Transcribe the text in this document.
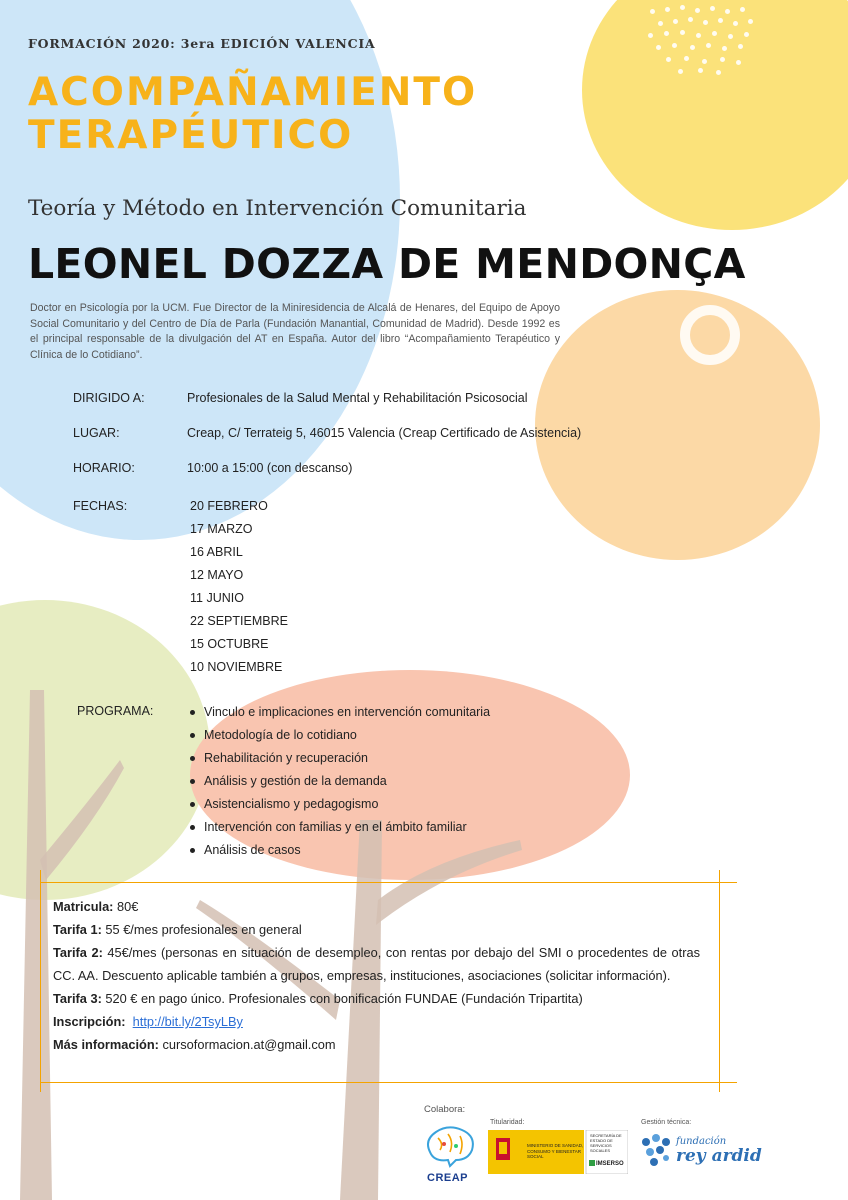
FORMACIÓN 2020: 3era EDICIÓN VALENCIA
ACOMPAÑAMIENTO
TERAPÉUTICO
Teoría y Método en Intervención Comunitaria
LEONEL DOZZA DE MENDONÇA
Doctor en Psicología por la UCM. Fue Director de la Miniresidencia de Alcalá de Henares, del Equipo de Apoyo Social Comunitario y del Centro de Día de Parla (Fundación Manantial, Comunidad de Madrid). Desde 1992 es el principal responsable de la divulgación del AT en España. Autor del libro “Acompañamiento Terapéutico y Clínica de lo Cotidiano”.
DIRIGIDO A:	Profesionales de la Salud Mental y Rehabilitación Psicosocial
LUGAR:	Creap, C/ Terrateig 5, 46015 Valencia (Creap Certificado de Asistencia)
HORARIO:	10:00 a 15:00 (con descanso)
FECHAS:	20 FEBRERO
17 MARZO
16 ABRIL
12 MAYO
11 JUNIO
22 SEPTIEMBRE
15 OCTUBRE
10 NOVIEMBRE
PROGRAMA:	Vinculo e implicaciones en intervención comunitaria
Metodología de lo cotidiano
Rehabilitación y recuperación
Análisis y gestión de la demanda
Asistencialismo y pedagogismo
Intervención con familias y en el ámbito familiar
Análisis de casos

Matricula: 80€

Tarifa 1: 55 €/mes profesionales en general

Tarifa 2: 45€/mes (personas en situación de desempleo, con rentas por debajo del SMI o procedentes de otras CC. AA. Descuento aplicable también a grupos, empresas, instituciones, asociaciones (solicitar información).

Tarifa 3: 520 € en pago único. Profesionales con bonificación FUNDAE (Fundación Tripartita)

Inscripción: http://bit.ly/2TsyLBy

Más información: cursoformacion.at@gmail.com

Colabora:
Titularidad:	Gestión técnica:
CREAP
MINISTERIO DE SANIDAD, CONSUMO Y BIENESTAR SOCIAL
SECRETARÍA DE ESTADO DE SERVICIOS SOCIALES
IMSERSO
fundación
rey ardid
